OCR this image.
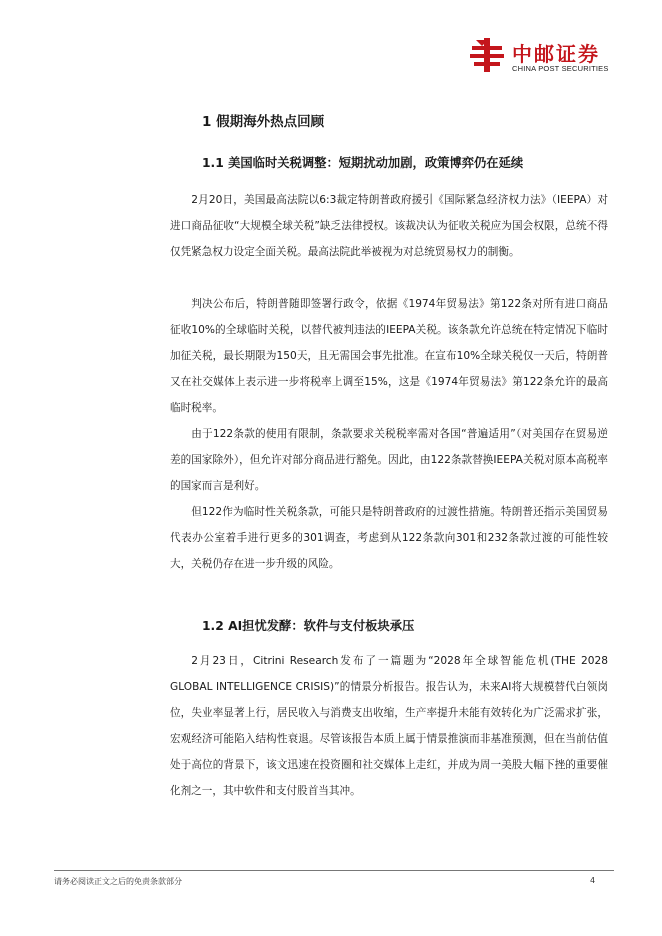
中邮证券
CHINA POST SECURITIES
1 假期海外热点回顾
1.1 美国临时关税调整：短期扰动加剧，政策博弈仍在延续

2月20日，美国最高法院以6:3裁定特朗普政府援引《国际紧急经济权力法》（IEEPA）对进口商品征收“大规模全球关税”缺乏法律授权。该裁决认为征收关税应为国会权限，总统不得仅凭紧急权力设定全面关税。最高法院此举被视为对总统贸易权力的制衡。

判决公布后，特朗普随即签署行政令，依据《1974年贸易法》第122条对所有进口商品征收10%的全球临时关税，以替代被判违法的IEEPA关税。该条款允许总统在特定情况下临时加征关税，最长期限为150天，且无需国会事先批准。在宣布10%全球关税仅一天后，特朗普又在社交媒体上表示进一步将税率上调至15%，这是《1974年贸易法》第122条允许的最高临时税率。

由于122条款的使用有限制，条款要求关税税率需对各国“普遍适用”（对美国存在贸易逆差的国家除外），但允许对部分商品进行豁免。因此，由122条款替换IEEPA关税对原本高税率的国家而言是利好。

但122作为临时性关税条款，可能只是特朗普政府的过渡性措施。特朗普还指示美国贸易代表办公室着手进行更多的301调查，考虑到从122条款向301和232条款过渡的可能性较大，关税仍存在进一步升级的风险。

1.2 AI担忧发酵：软件与支付板块承压

2月23日，Citrini Research发布了一篇题为“2028年全球智能危机(THE 2028 GLOBAL INTELLIGENCE CRISIS)”的情景分析报告。报告认为，未来AI将大规模替代白领岗位，失业率显著上行，居民收入与消费支出收缩，生产率提升未能有效转化为广泛需求扩张，宏观经济可能陷入结构性衰退。尽管该报告本质上属于情景推演而非基准预测，但在当前估值处于高位的背景下，该文迅速在投资圈和社交媒体上走红，并成为周一美股大幅下挫的重要催化剂之一，其中软件和支付股首当其冲。

请务必阅读正文之后的免责条款部分	4
